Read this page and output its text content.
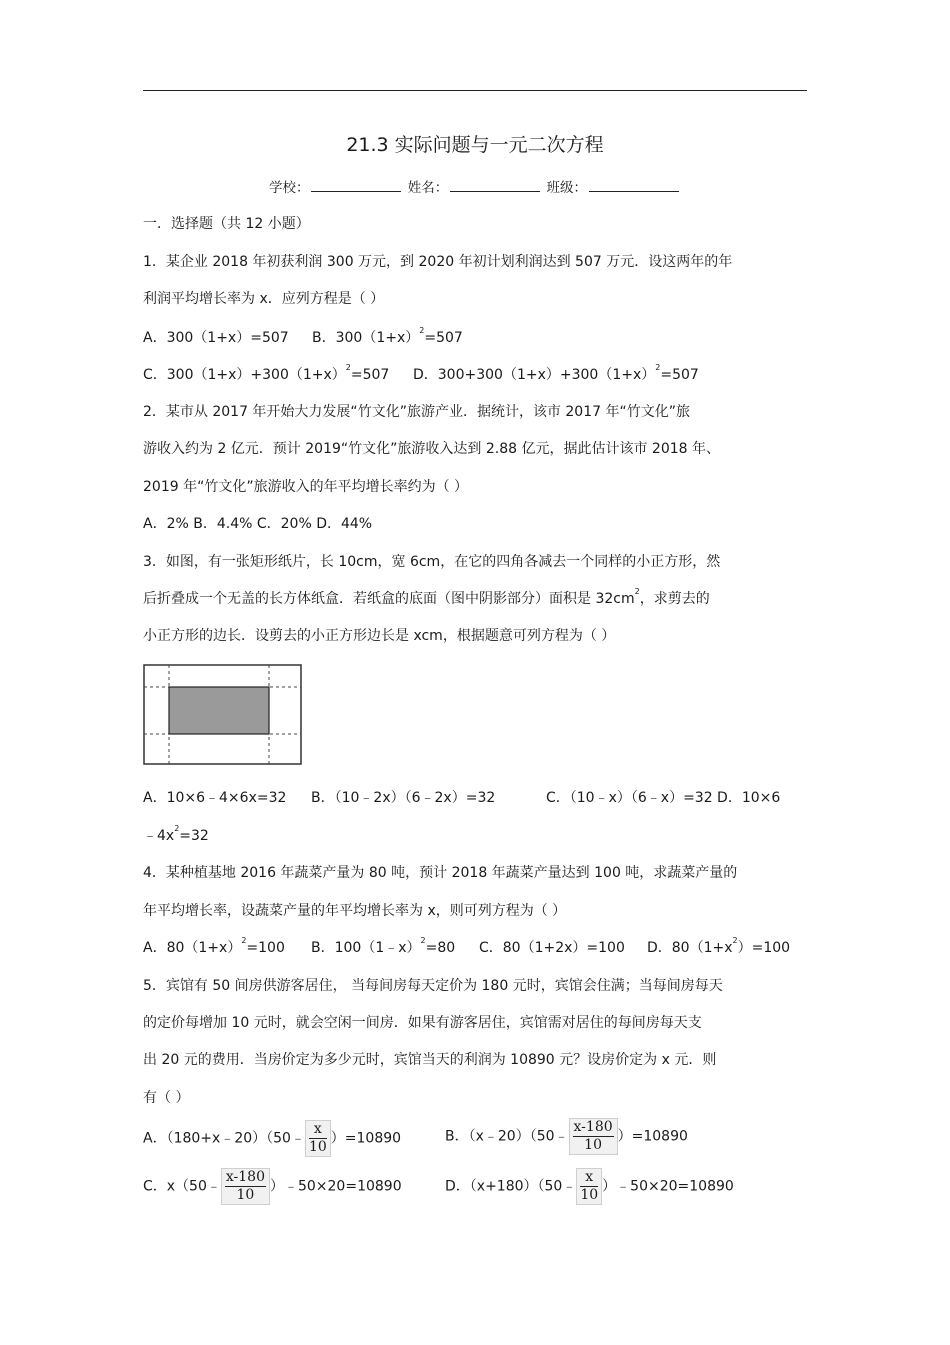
21.3 实际问题与一元二次方程
学校：	姓名：	班级：
一．选择题（共 12 小题）
1．某企业 2018 年初获利润 300 万元，到 2020 年初计划利润达到 507 万元．设这两年的年
利润平均增长率为 x．应列方程是（ ）
A．300（1+x）=507 B．$300(1+x)^2=507$
C．$300(1+x)+300(1+x)^2=507$ D．$300+300(1+x)+300(1+x)^2=507$
2．某市从 2017 年开始大力发展“竹文化”旅游产业．据统计，该市 2017 年“竹文化”旅
游收入约为 2 亿元．预计 2019“竹文化”旅游收入达到 2.88 亿元，据此估计该市 2018 年、
2019 年“竹文化”旅游收入的年平均增长率约为（ ）
A．2% B．4.4% C．20% D．44%
3．如图，有一张矩形纸片，长 10cm，宽 6cm，在它的四角各减去一个同样的小正方形，然
后折叠成一个无盖的长方体纸盒．若纸盒的底面（图中阴影部分）面积是 $32cm^2$，求剪去的
小正方形的边长．设剪去的小正方形边长是 xcm，根据题意可列方程为（ ）
A．10×6﹣4×6x=32 B．（10﹣2x）（6﹣2x）=32	C．（10﹣x）（6﹣x）=32 D．10×6
$﹣4x^2=32$
4．某种植基地 2016 年蔬菜产量为 80 吨，预计 2018 年蔬菜产量达到 100 吨，求蔬菜产量的
年平均增长率，设蔬菜产量的年平均增长率为 x，则可列方程为（ ）
A．$80(1+x)^2=100$ B．100（1﹣x）$^2$=80 C．80（1+2x）=100 D．$80(1+x^2)=100$
5．宾馆有 50 间房供游客居住， 当每间房每天定价为 180 元时，宾馆会住满；当每间房每天
的定价每增加 10 元时，就会空闲一间房．如果有游客居住，宾馆需对居住的每间房每天支
出 20 元的费用．当房价定为多少元时，宾馆当天的利润为 10890 元？设房价定为 x 元．则
有（ ）
A．（180+x﹣20）（50﹣ $\frac{x}{10} )=10890$	B．（x﹣20）（50﹣ $\frac{x-180}{10} )=10890$
C．x（50﹣ $\frac{x-180}{10}$ ）﹣50×20=10890	D．（x+180）（50﹣ $\frac{x}{10}$ ）﹣50×20=10890
